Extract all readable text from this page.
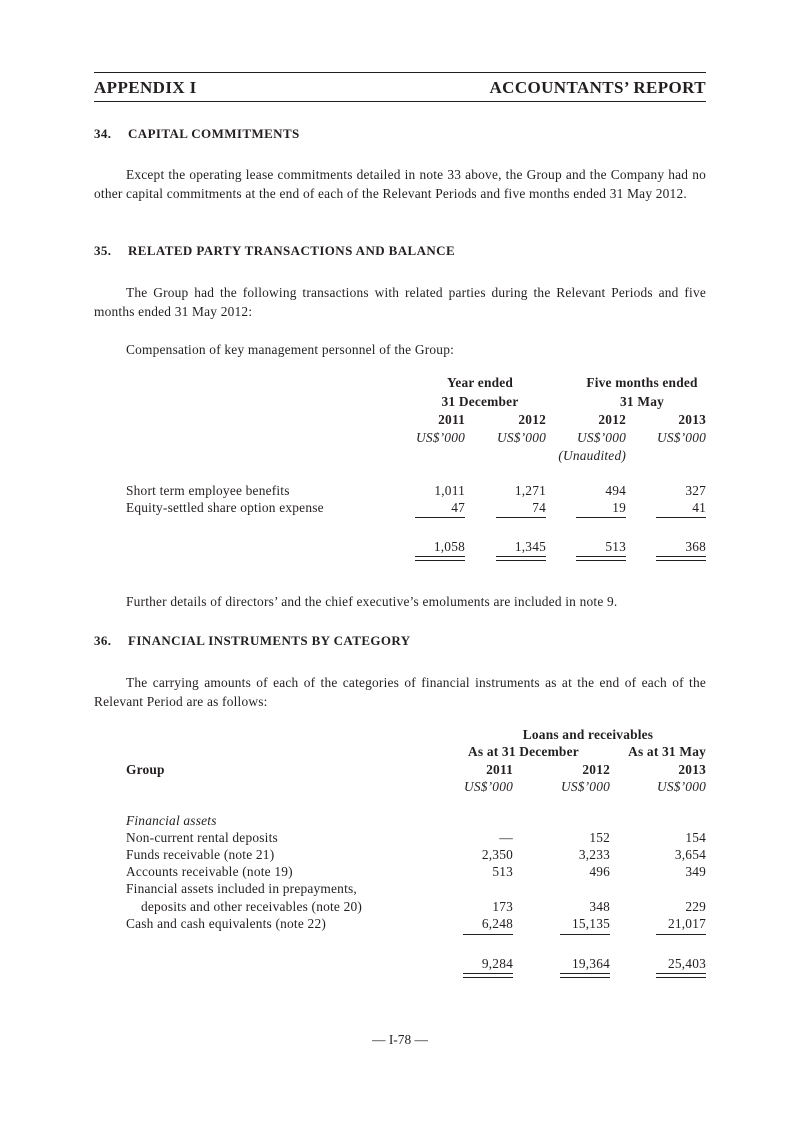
APPENDIX I	ACCOUNTANTS’ REPORT
34. CAPITAL COMMITMENTS
Except the operating lease commitments detailed in note 33 above, the Group and the Company had no other capital commitments at the end of each of the Relevant Periods and five months ended 31 May 2012.
35. RELATED PARTY TRANSACTIONS AND BALANCE
The Group had the following transactions with related parties during the Relevant Periods and five months ended 31 May 2012:
Compensation of key management personnel of the Group:
Year ended
31 December
Five months ended
31 May
2011	2012	2012	2013
US$’000	US$’000	US$’000	US$’000
(Unaudited)
Short term employee benefits	1,011	1,271	494	327
Equity-settled share option expense	47	74	19	41
1,058	1,345	513	368
Further details of directors’ and the chief executive’s emoluments are included in note 9.
36. FINANCIAL INSTRUMENTS BY CATEGORY
The carrying amounts of each of the categories of financial instruments as at the end of each of the Relevant Period are as follows:
Loans and receivables
As at 31 December	As at 31 May
Group	2011	2012	2013
US$’000	US$’000	US$’000
Financial assets
Non-current rental deposits	—	152	154
Funds receivable (note 21)	2,350	3,233	3,654
Accounts receivable (note 19)	513	496	349
Financial assets included in prepayments,
deposits and other receivables (note 20)	173	348	229
Cash and cash equivalents (note 22)	6,248	15,135	21,017
9,284	19,364	25,403
— I-78 —
